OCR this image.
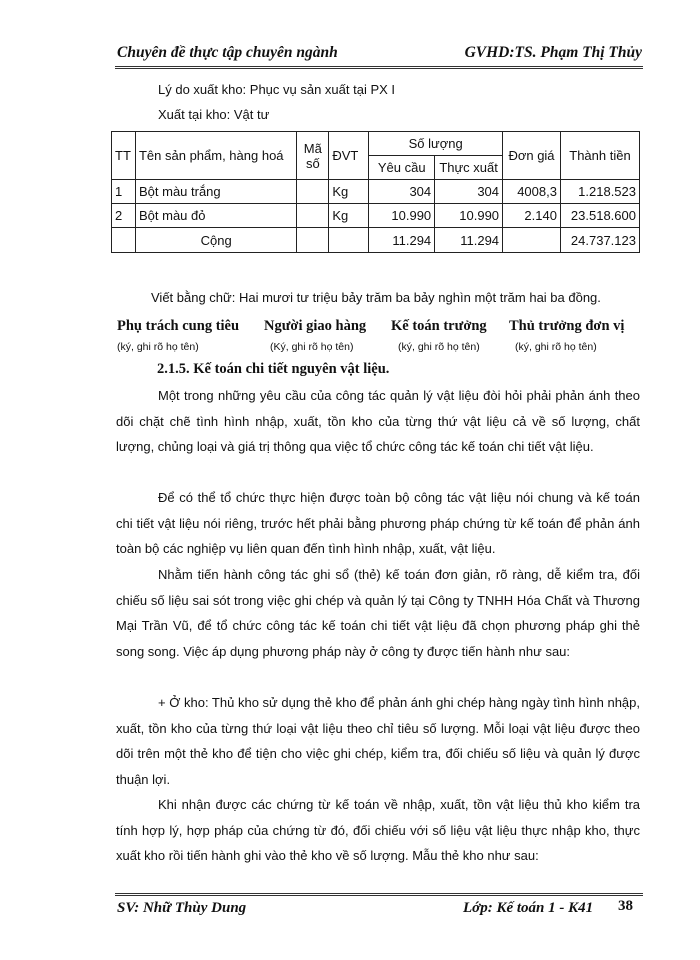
Chuyên đề thực tập chuyên ngành	GVHD:TS. Phạm Thị Thủy
Lý do xuất kho: Phục vụ sản xuất tại PX I
Xuất tại kho: Vật tư
TT	Tên sản phẩm, hàng hoá	Mã số	ĐVT	Số lượng		Đơn giá	Thành tiền
				Yêu cầu	Thực xuất		
1	Bột màu trắng		Kg	304	304	4008,3	1.218.523
2	Bột màu đỏ		Kg	10.990	10.990	2.140	23.518.600
	Cộng			11.294	11.294		24.737.123
Viết bằng chữ: Hai mươi tư triệu bảy trăm ba bảy nghìn một trăm hai ba đồng.
Phụ trách cung tiêu Người giao hàng Kế toán trưởng Thủ trưởng đơn vị
(ký, ghi rõ họ tên)	(Ký, ghi rõ họ tên)	(ký, ghi rõ họ tên)	(ký, ghi rõ họ tên)
2.1.5. Kế toán chi tiết nguyên vật liệu.
Một trong những yêu cầu của công tác quản lý vật liệu đòi hỏi phải phản ánh theo dõi chặt chẽ tình hình nhập, xuất, tồn kho của từng thứ vật liệu cả về số lượng, chất lượng, chủng loại và giá trị thông qua việc tổ chức công tác kế toán chi tiết vật liệu.
Để có thể tổ chức thực hiện được toàn bộ công tác vật liệu nói chung và kế toán chi tiết vật liệu nói riêng, trước hết phải bằng phương pháp chứng từ kế toán để phản ánh toàn bộ các nghiệp vụ liên quan đến tình hình nhập, xuất, vật liệu.
Nhằm tiến hành công tác ghi sổ (thẻ) kế toán đơn giản, rõ ràng, dễ kiểm tra, đối chiếu số liệu sai sót trong việc ghi chép và quản lý tại Công ty TNHH Hóa Chất và Thương Mại Trần Vũ, để tổ chức công tác kế toán chi tiết vật liệu đã chọn phương pháp ghi thẻ song song. Việc áp dụng phương pháp này ở công ty được tiến hành như sau:
+ Ở kho: Thủ kho sử dụng thẻ kho để phản ánh ghi chép hàng ngày tình hình nhập, xuất, tồn kho của từng thứ loại vật liệu theo chỉ tiêu số lượng. Mỗi loại vật liệu được theo dõi trên một thẻ kho để tiện cho việc ghi chép, kiểm tra, đối chiếu số liệu và quản lý được thuận lợi.
Khi nhận được các chứng từ kế toán về nhập, xuất, tồn vật liệu thủ kho kiểm tra tính hợp lý, hợp pháp của chứng từ đó, đối chiếu với số liệu vật liệu thực nhập kho, thực xuất kho rồi tiến hành ghi vào thẻ kho về số lượng. Mẫu thẻ kho như sau:
SV: Nhữ Thùy Dung	Lớp: Kế toán 1 - K41 38
